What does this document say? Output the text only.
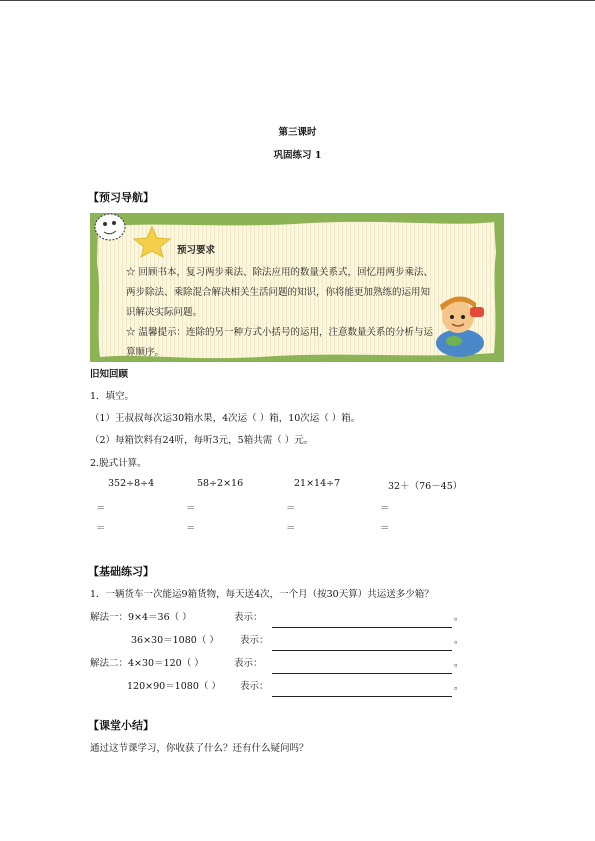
第三课时
巩固练习 1
【预习导航】
预习要求
☆ 回顾书本，复习两步乘法、除法应用的数量关系式，回忆用两步乘法、
两步除法、乘除混合解决相关生活问题的知识，你将能更加熟练的运用知
识解决实际问题。
☆ 温馨提示：连除的另一种方式小括号的运用，注意数量关系的分析与运
算顺序。
旧知回顾
1．填空。
（1）王叔叔每次运30箱水果，4次运（ ）箱，10次运（ ）箱。
（2）每箱饮料有24听，每听3元，5箱共需（ ）元。
2.脱式计算。
352÷8÷4	58÷2×16	21×14÷7	32＋（76－45）
＝	＝	＝	＝
＝	＝	＝	＝
【基础练习】
1．一辆货车一次能运9箱货物，每天送4次，一个月（按30天算）共运送多少箱？
解法一：9×4＝36（ ）	表示：	。
36×30＝1080（ ） 表示：	。
解法二：4×30＝120（ ）	表示：	。
120×90＝1080（ ） 表示：	。
【课堂小结】
通过这节课学习，你收获了什么？还有什么疑问吗？
